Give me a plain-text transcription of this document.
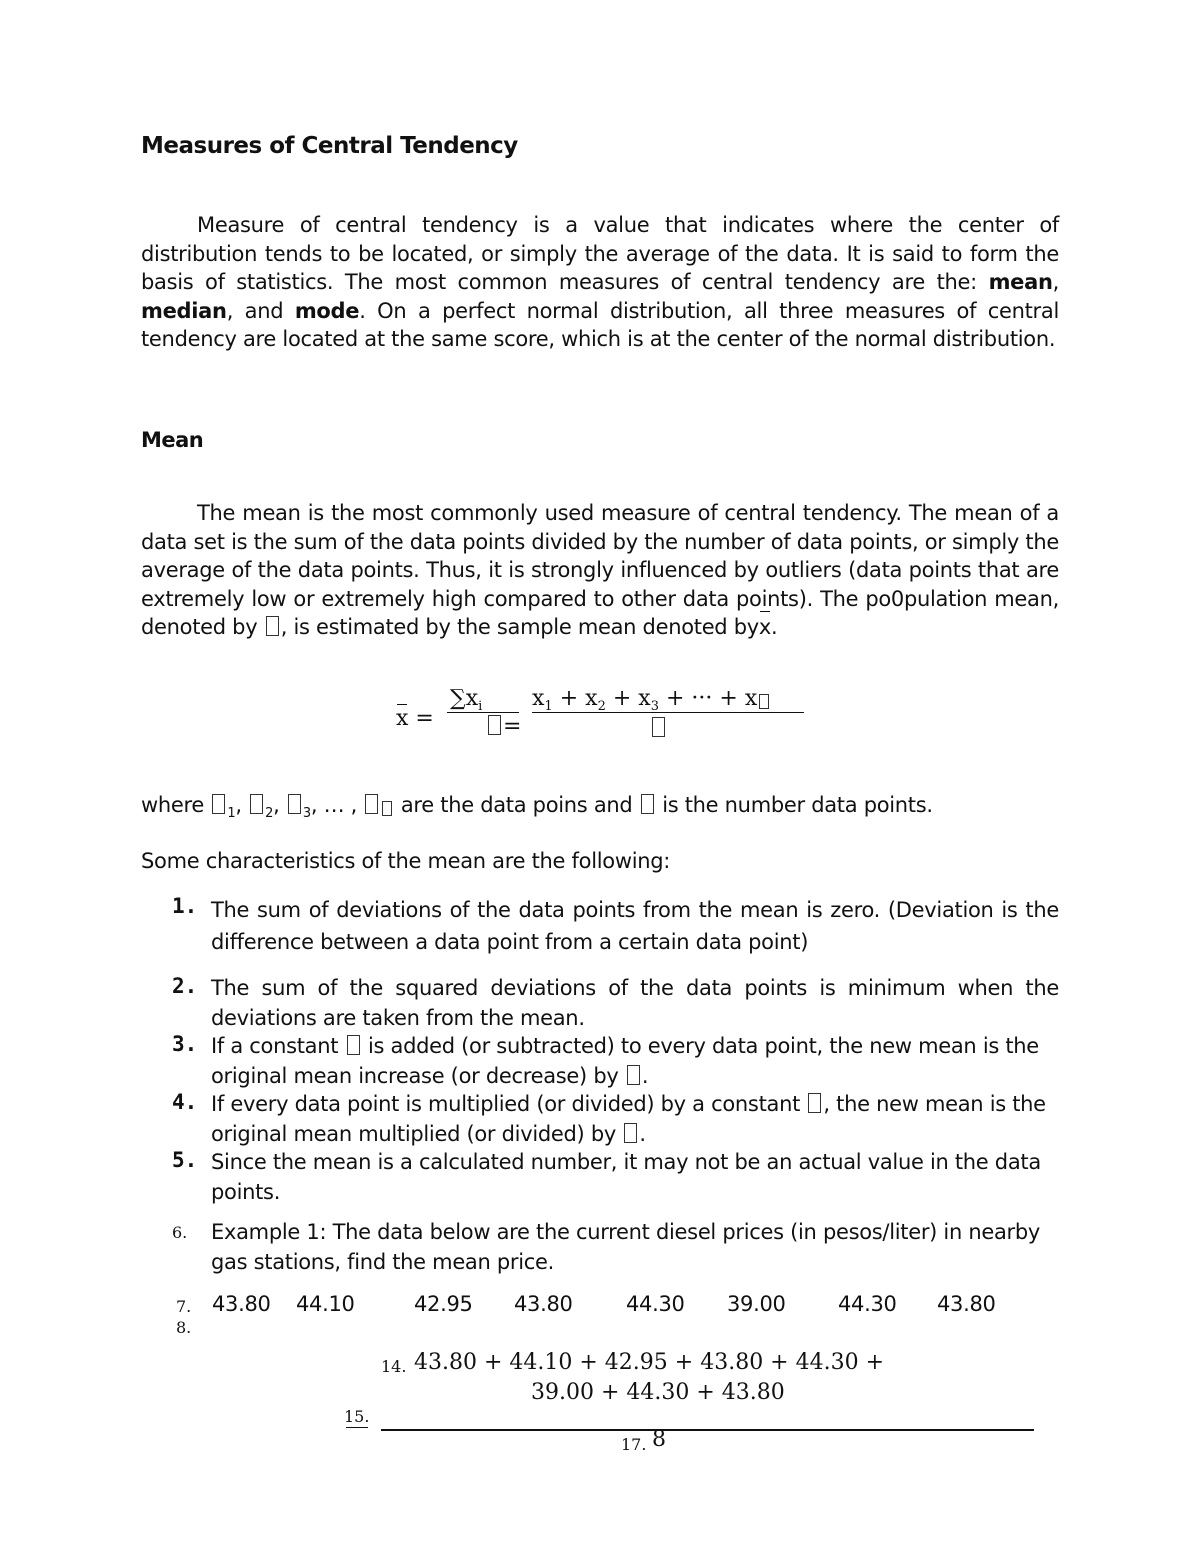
Measures of Central Tendency
Measure of central tendency is a value that indicates where the center of distribution tends to be located, or simply the average of the data. It is said to form the basis of statistics. The most common measures of central tendency are the: mean, median, and mode. On a perfect normal distribution, all three measures of central tendency are located at the same score, which is at the center of the normal distribution.
Mean
The mean is the most commonly used measure of central tendency. The mean of a data set is the sum of the data points divided by the number of data points, or simply the average of the data points. Thus, it is strongly influenced by outliers (data points that are extremely low or extremely high compared to other data points). The po0pulation mean, denoted by , is estimated by the sample mean denoted byx.
x =
$\sum x_i$
=
$x_1 + x_2 + x_3$ + ··· + x
where $_1$, $_2$, $_3$, … ,  are the data poins and  is the number data points.
Some characteristics of the mean are the following:
1. The sum of deviations of the data points from the mean is zero. (Deviation is the difference between a data point from a certain data point)
2. The sum of the squared deviations of the data points is minimum when the deviations are taken from the mean.
3. If a constant  is added (or subtracted) to every data point, the new mean is the original mean increase (or decrease) by .
4. If every data point is multiplied (or divided) by a constant , the new mean is the original mean multiplied (or divided) by .
5. Since the mean is a calculated number, it may not be an actual value in the data points.
6. Example 1: The data below are the current diesel prices (in pesos/liter) in nearby gas stations, find the mean price.
7. 43.80 44.10	42.95 43.80	44.30 39.00 44.30 43.80
8.
14. 43.80 + 44.10 + 42.95 + 43.80 + 44.30 +
39.00 + 44.30 + 43.80
15.
17. 8
